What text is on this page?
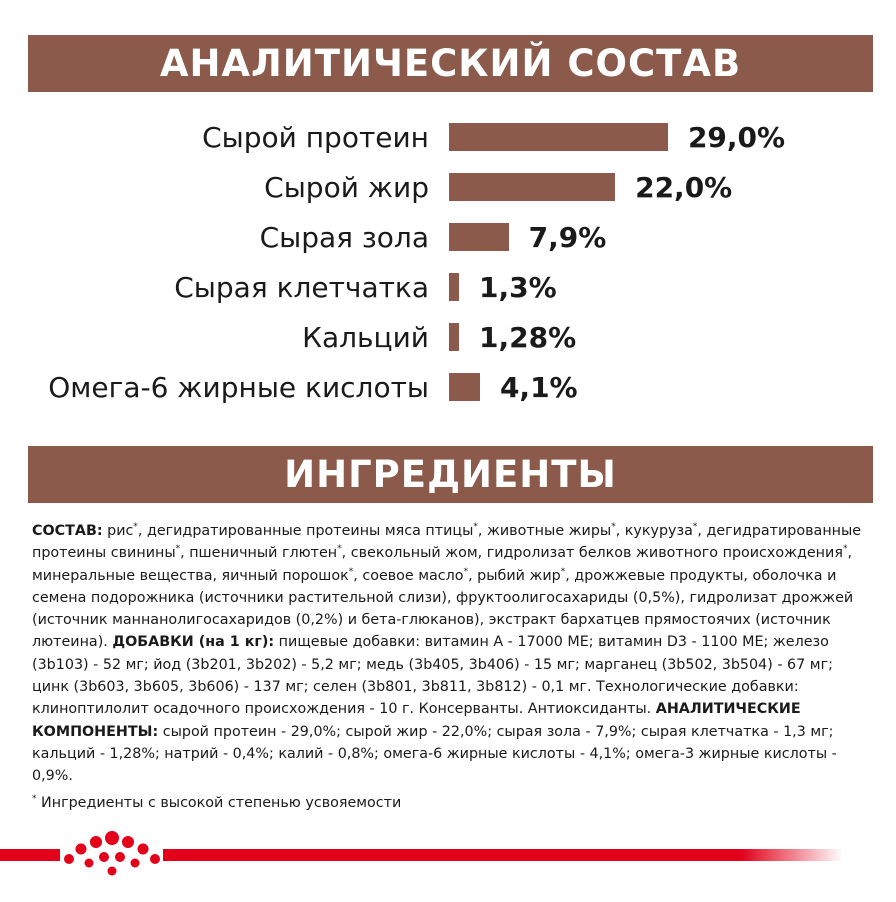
АНАЛИТИЧЕСКИЙ СОСТАВ
Сырой протеин	29,0%
Сырой жир	22,0%
Сырая зола	7,9%
Сырая клетчатка 1,3%
Кальций 1,28%
Омега-6 жирные кислоты	4,1%
ИНГРЕДИЕНТЫ
СОСТАВ: рис*, дегидратированные протеины мяса птицы*, животные жиры*, кукуруза*, дегидратированные протеины свинины*, пшеничный глютен*, свекольный жом, гидролизат белков животного происхождения*, минеральные вещества, яичный порошок*, соевое масло*, рыбий жир*, дрожжевые продукты, оболочка и семена подорожника (источники растительной слизи), фруктоолигосахариды (0,5%), гидролизат дрожжей (источник маннанолигосахаридов (0,2%) и бета-глюканов), экстракт бархатцев прямостоячих (источник лютеина). ДОБАВКИ (на 1 кг): пищевые добавки: витамин А - 17000 МЕ; витамин D3 - 1100 МЕ; железо (3b103) - 52 мг; йод (3b201, 3b202) - 5,2 мг; медь (3b405, 3b406) - 15 мг; марганец (3b502, 3b504) - 67 мг; цинк (3b603, 3b605, 3b606) - 137 мг; селен (3b801, 3b811, 3b812) - 0,1 мг. Технологические добавки: клиноптилолит осадочного происхождения - 10 г. Консерванты. Антиоксиданты. АНАЛИТИЧЕСКИЕ КОМПОНЕНТЫ: сырой протеин - 29,0%; сырой жир - 22,0%; сырая зола - 7,9%; сырая клетчатка - 1,3 мг; кальций - 1,28%; натрий - 0,4%; калий - 0,8%; омега-6 жирные кислоты - 4,1%; омега-3 жирные кислоты - 0,9%.
* Ингредиенты с высокой степенью усвояемости
